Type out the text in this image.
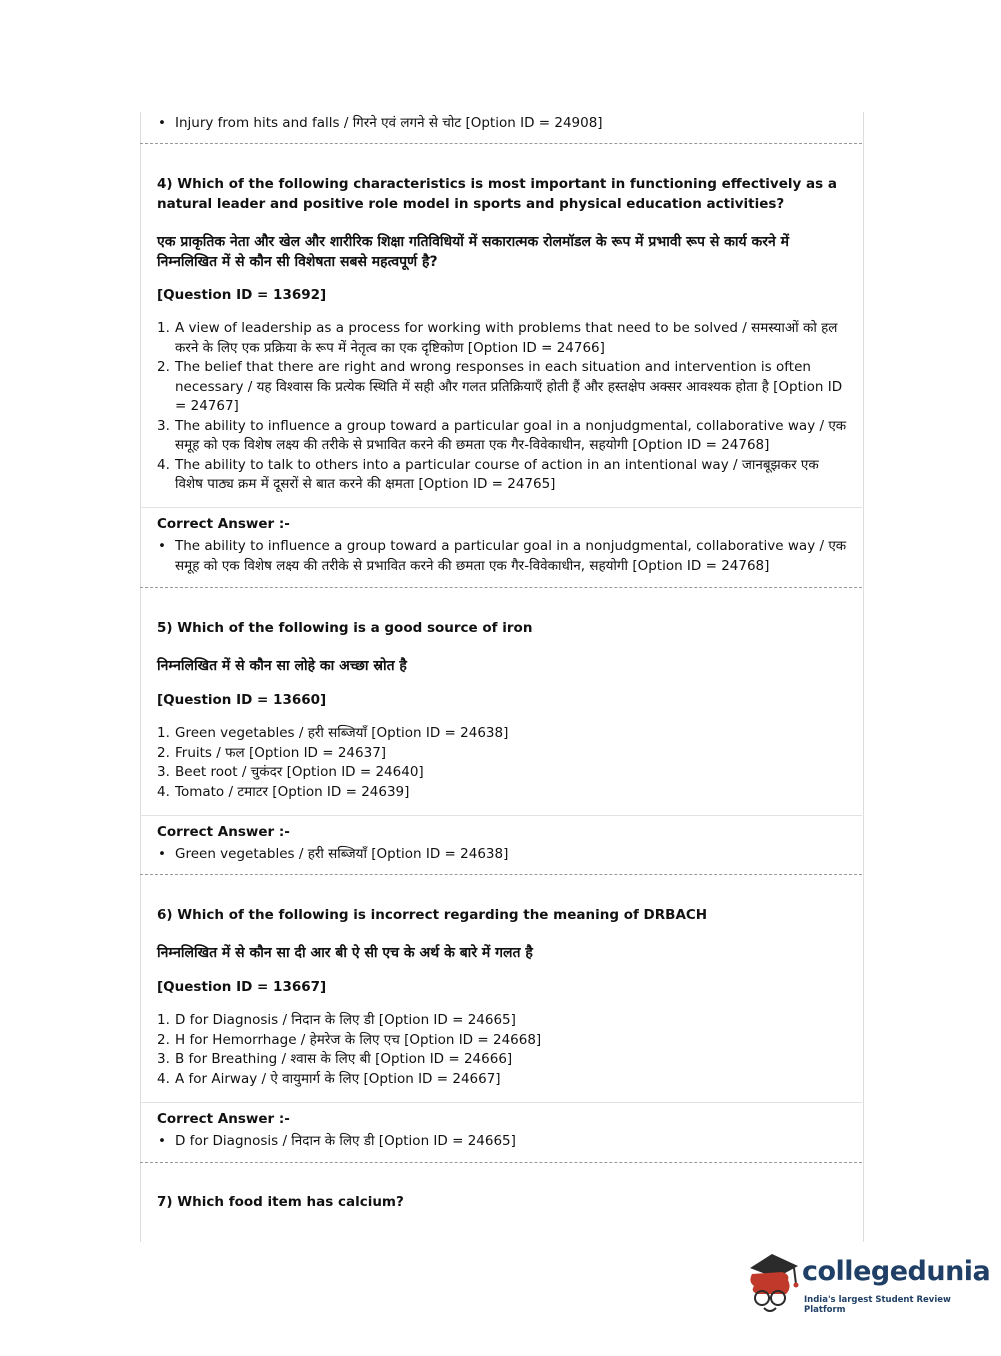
• Injury from hits and falls / गिरने एवं लगने से चोट [Option ID = 24908]
4) Which of the following characteristics is most important in functioning effectively as a natural leader and positive role model in sports and physical education activities?
एक प्राकृतिक नेता और खेल और शारीरिक शिक्षा गतिविधियों में सकारात्मक रोलमॉडल के रूप में प्रभावी रूप से कार्य करने में निम्नलिखित में से कौन सी विशेषता सबसे महत्वपूर्ण है?
[Question ID = 13692]
1. A view of leadership as a process for working with problems that need to be solved / समस्याओं को हल करने के लिए एक प्रक्रिया के रूप में नेतृत्व का एक दृष्टिकोण [Option ID = 24766]
2. The belief that there are right and wrong responses in each situation and intervention is often necessary / यह विश्वास कि प्रत्येक स्थिति में सही और गलत प्रतिक्रियाएँ होती हैं और हस्तक्षेप अक्सर आवश्यक होता है [Option ID = 24767]
3. The ability to influence a group toward a particular goal in a nonjudgmental, collaborative way / एक समूह को एक विशेष लक्ष्य की तरीके से प्रभावित करने की छमता एक गैर-विवेकाधीन, सहयोगी [Option ID = 24768]
4. The ability to talk to others into a particular course of action in an intentional way / जानबूझकर एक विशेष पाठ्य क्रम में दूसरों से बात करने की क्षमता [Option ID = 24765]
Correct Answer :-
• The ability to influence a group toward a particular goal in a nonjudgmental, collaborative way / एक समूह को एक विशेष लक्ष्य की तरीके से प्रभावित करने की छमता एक गैर-विवेकाधीन, सहयोगी [Option ID = 24768]
5) Which of the following is a good source of iron
निम्नलिखित में से कौन सा लोहे का अच्छा स्रोत है
[Question ID = 13660]
1. Green vegetables / हरी सब्जियाँ [Option ID = 24638]
2. Fruits / फल [Option ID = 24637]
3. Beet root / चुकंदर [Option ID = 24640]
4. Tomato / टमाटर [Option ID = 24639]
Correct Answer :-
• Green vegetables / हरी सब्जियाँ [Option ID = 24638]
6) Which of the following is incorrect regarding the meaning of DRBACH
निम्नलिखित में से कौन सा दी आर बी ऐ सी एच के अर्थ के बारे में गलत है
[Question ID = 13667]
1. D for Diagnosis / निदान के लिए डी [Option ID = 24665]
2. H for Hemorrhage / हेमरेज के लिए एच [Option ID = 24668]
3. B for Breathing / श्वास के लिए बी [Option ID = 24666]
4. A for Airway / ऐ वायुमार्ग के लिए [Option ID = 24667]
Correct Answer :-
• D for Diagnosis / निदान के लिए डी [Option ID = 24665]
7) Which food item has calcium?
collegedunia
India's largest Student Review Platform
